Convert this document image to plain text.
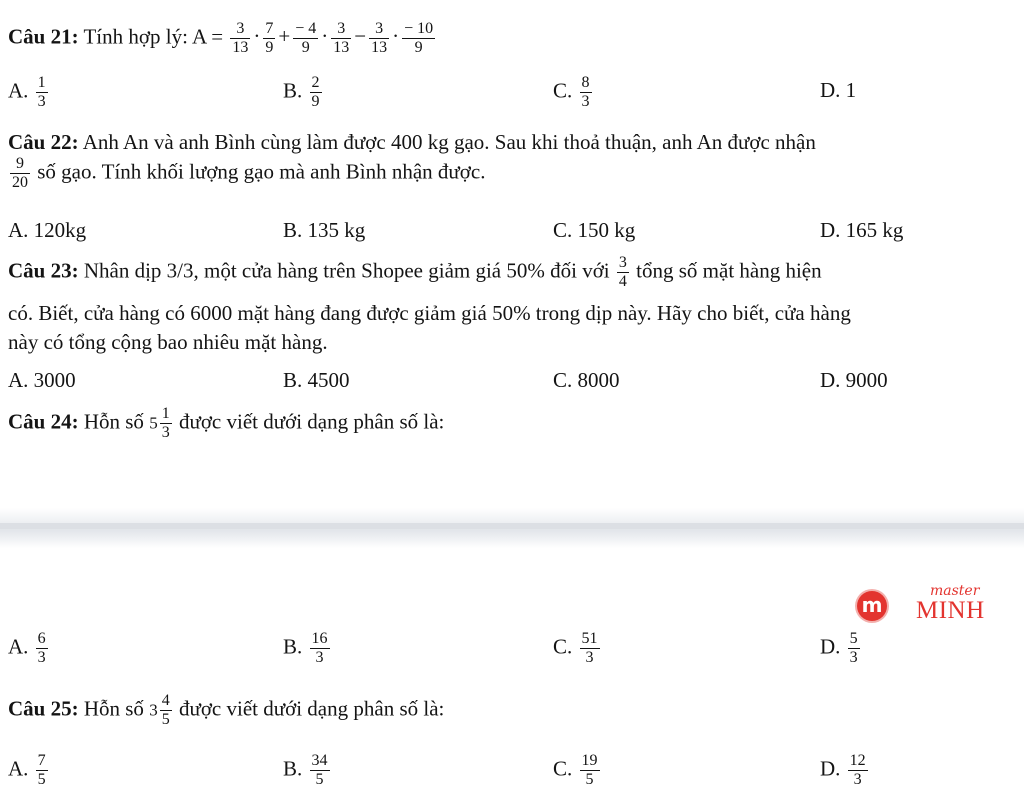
Câu 21: Tính hợp lý: $A = \frac{3}{13} \cdot \frac{7}{9} + \frac{- 4}{9} \cdot \frac{3}{13} - \frac{3}{13} \cdot \frac{- 10}{9}$
A. $\frac{1}{3}$	B. $\frac{2}{9}$	C. $\frac{8}{3}$	D. 1
Câu 22: Anh An và anh Bình cùng làm được 400 kg gạo. Sau khi thoả thuận, anh An được nhận
$\frac{9}{20}$ số gạo. Tính khối lượng gạo mà anh Bình nhận được.
A. 120kg	B. 135 kg	C. 150 kg	D. 165 kg
Câu 23: Nhân dịp 3/3, một cửa hàng trên Shopee giảm giá 50% đối với $\frac{3}{4}$ tổng số mặt hàng hiện
có. Biết, cửa hàng có 6000 mặt hàng đang được giảm giá 50% trong dịp này. Hãy cho biết, cửa hàng
này có tổng cộng bao nhiêu mặt hàng.
A. 3000	B. 4500	C. 8000	D. 9000
Câu 24: Hỗn số $5 \frac{1}{3}$ được viết dưới dạng phân số là:
m
master
MINH
A. $\frac{6}{3}$	B. $\frac{16}{3}$	C. $\frac{51}{3}$	D. $\frac{5}{3}$
Câu 25: Hỗn số $3 \frac{4}{5}$ được viết dưới dạng phân số là:
A. $\frac{7}{5}$	B. $\frac{34}{5}$	C. $\frac{19}{5}$	D. $\frac{12}{3}$
